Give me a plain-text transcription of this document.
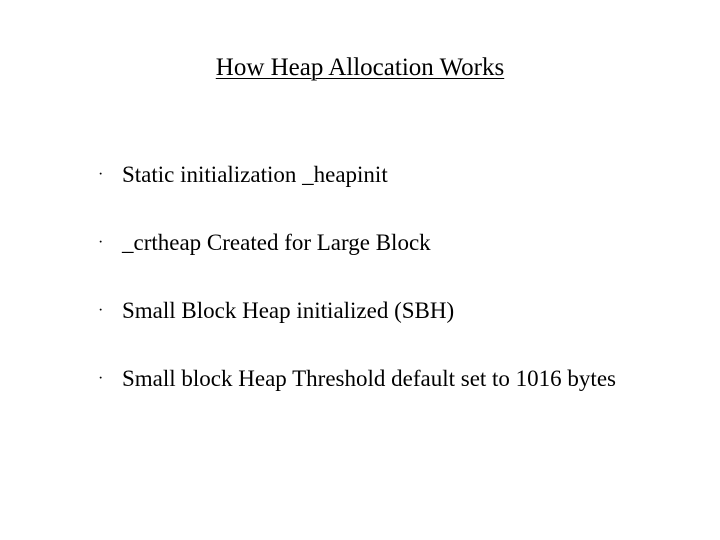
How Heap Allocation Works
· Static initialization _heapinit
· _crtheap Created for Large Block
· Small Block Heap initialized (SBH)
· Small block Heap Threshold default set to 1016 bytes
